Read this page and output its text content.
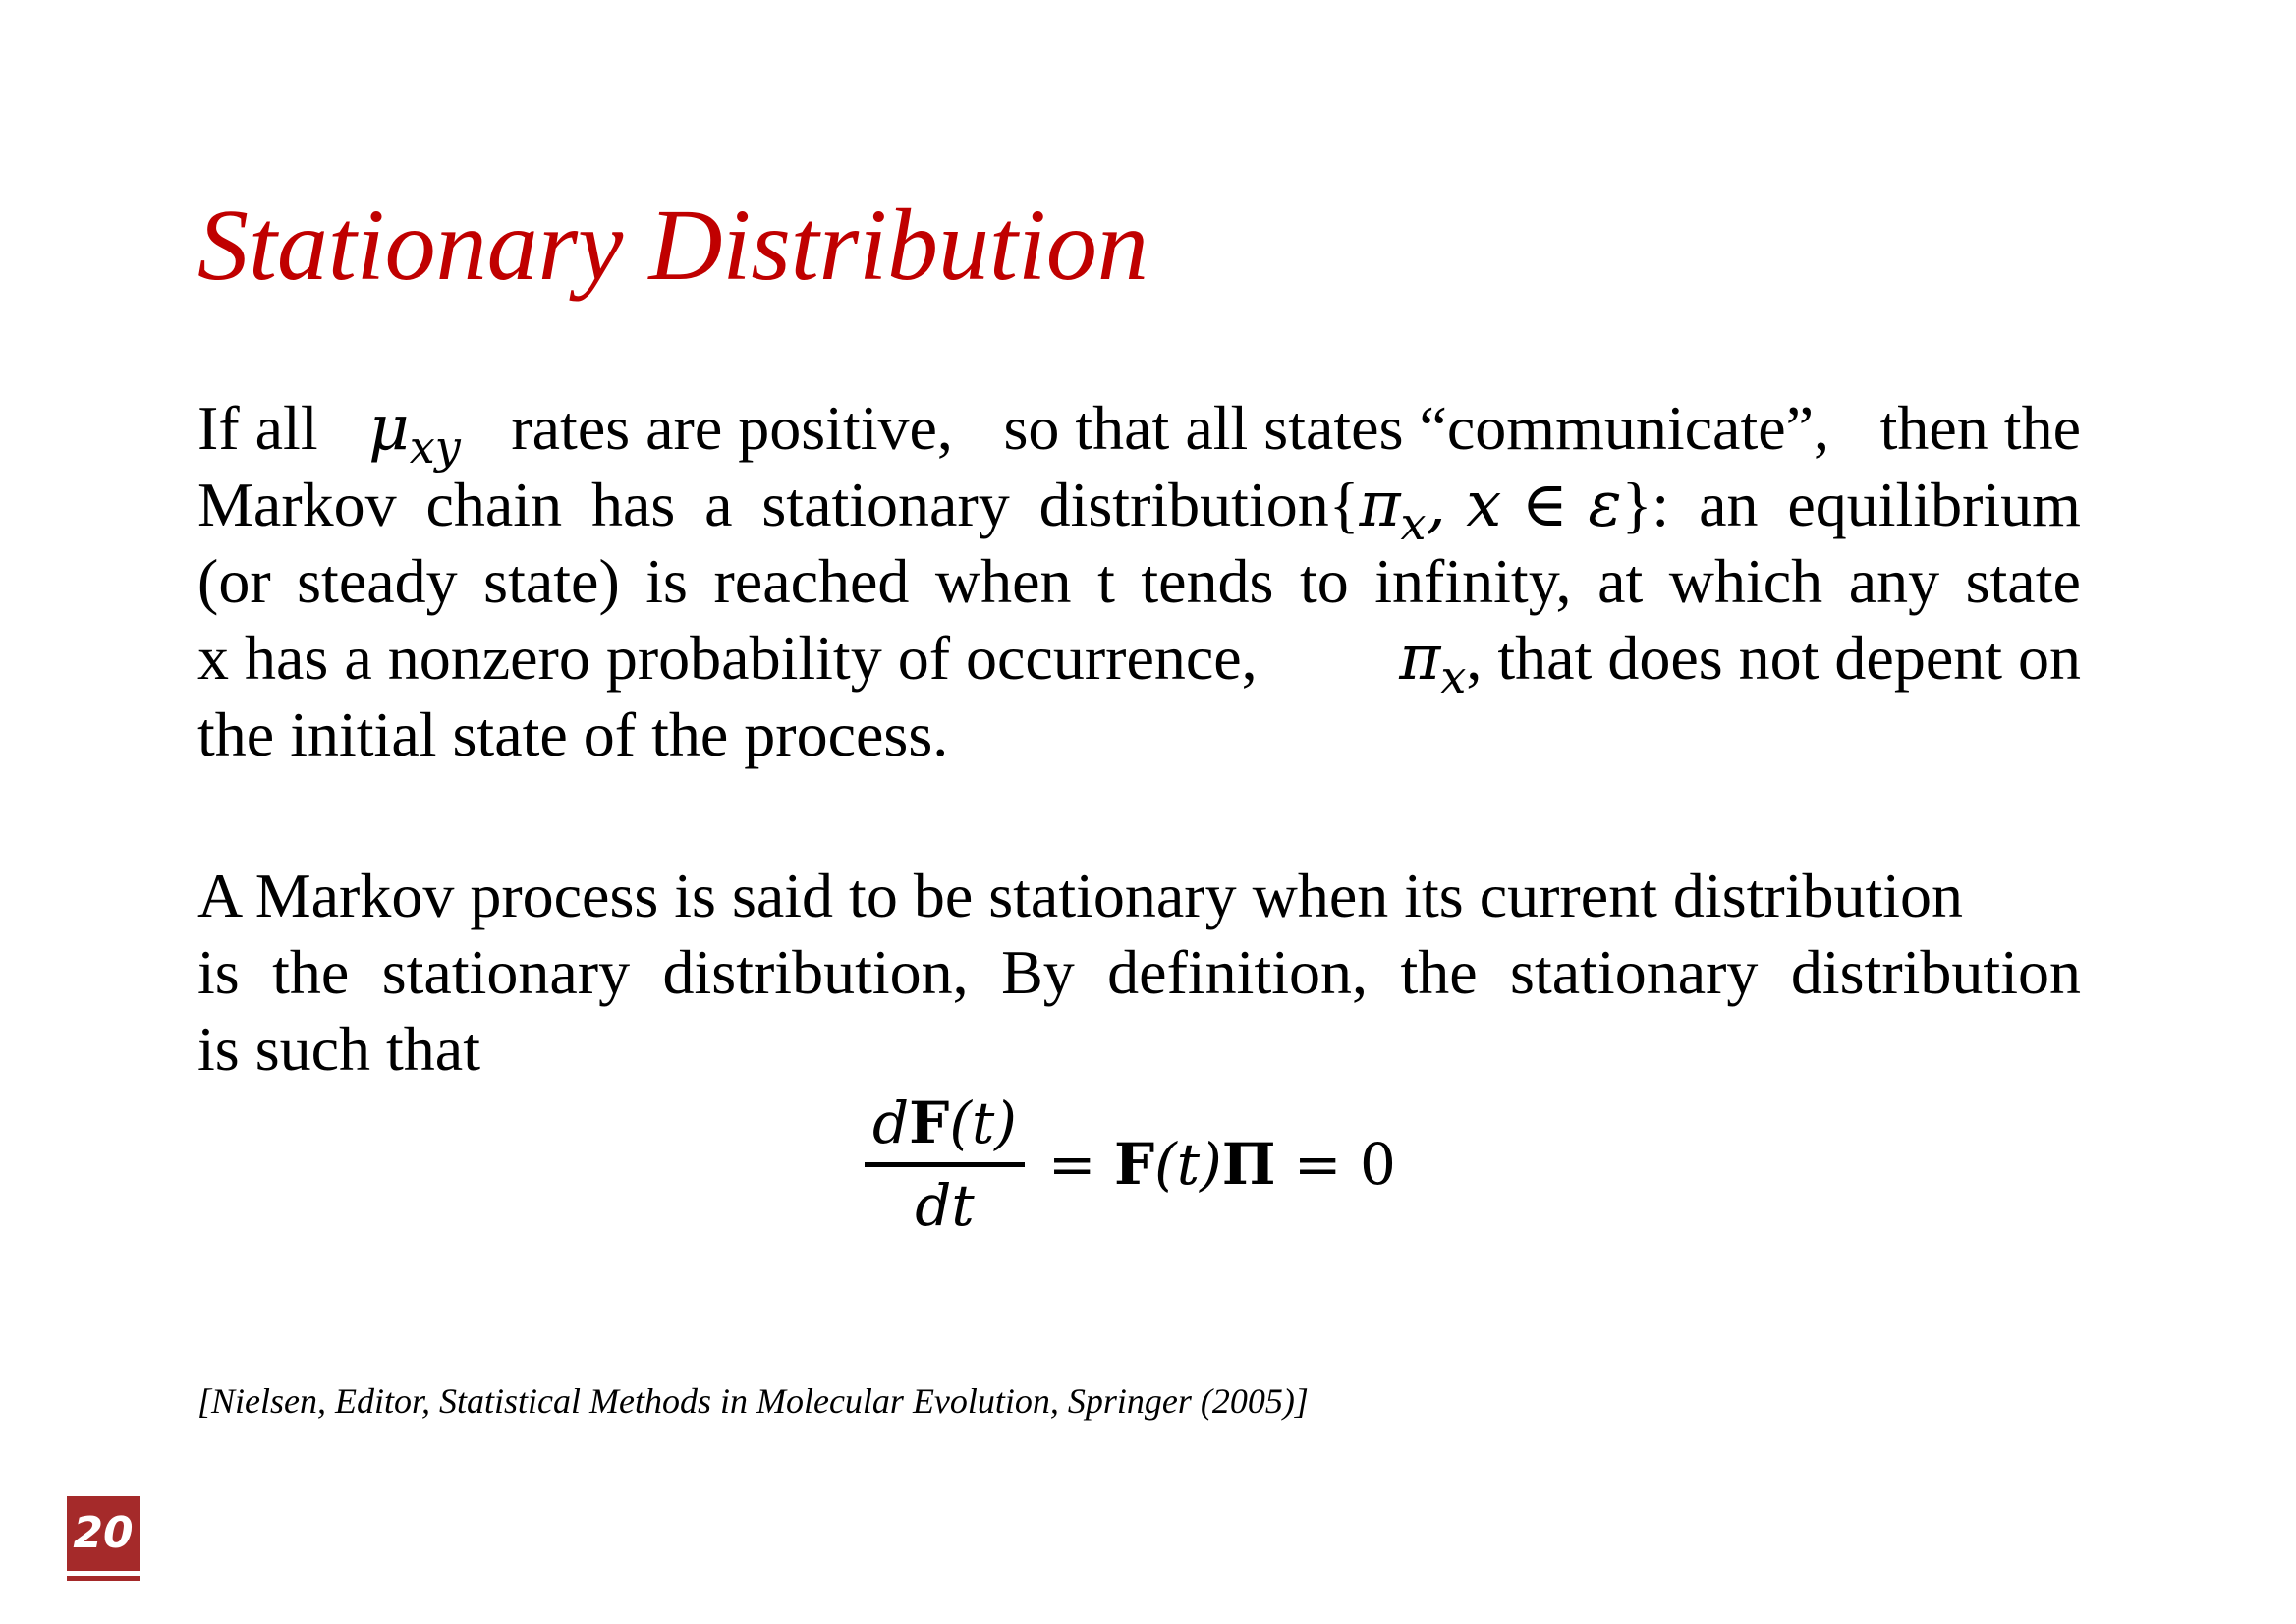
Stationary Distribution
If all $\mu_{xy}$ rates are positive, so that all states “communicate”, then the
Markov chain has a stationary $distribution\{\pi_x$, x ∈ ε}: an equilibrium
(or steady state) is reached when t tends to infinity, at which any state
x has a nonzero probability of occurrence, $\pi_x$, that does not depent on
the initial state of the process.
A Markov process is said to be stationary when its current distribution
is the stationary distribution, By definition, the stationary distribution
is such that
$\frac{dF(t)}{dt} = F(t)\Pi = 0$
[Nielsen, Editor, Statistical Methods in Molecular Evolution, Springer (2005)]
20
